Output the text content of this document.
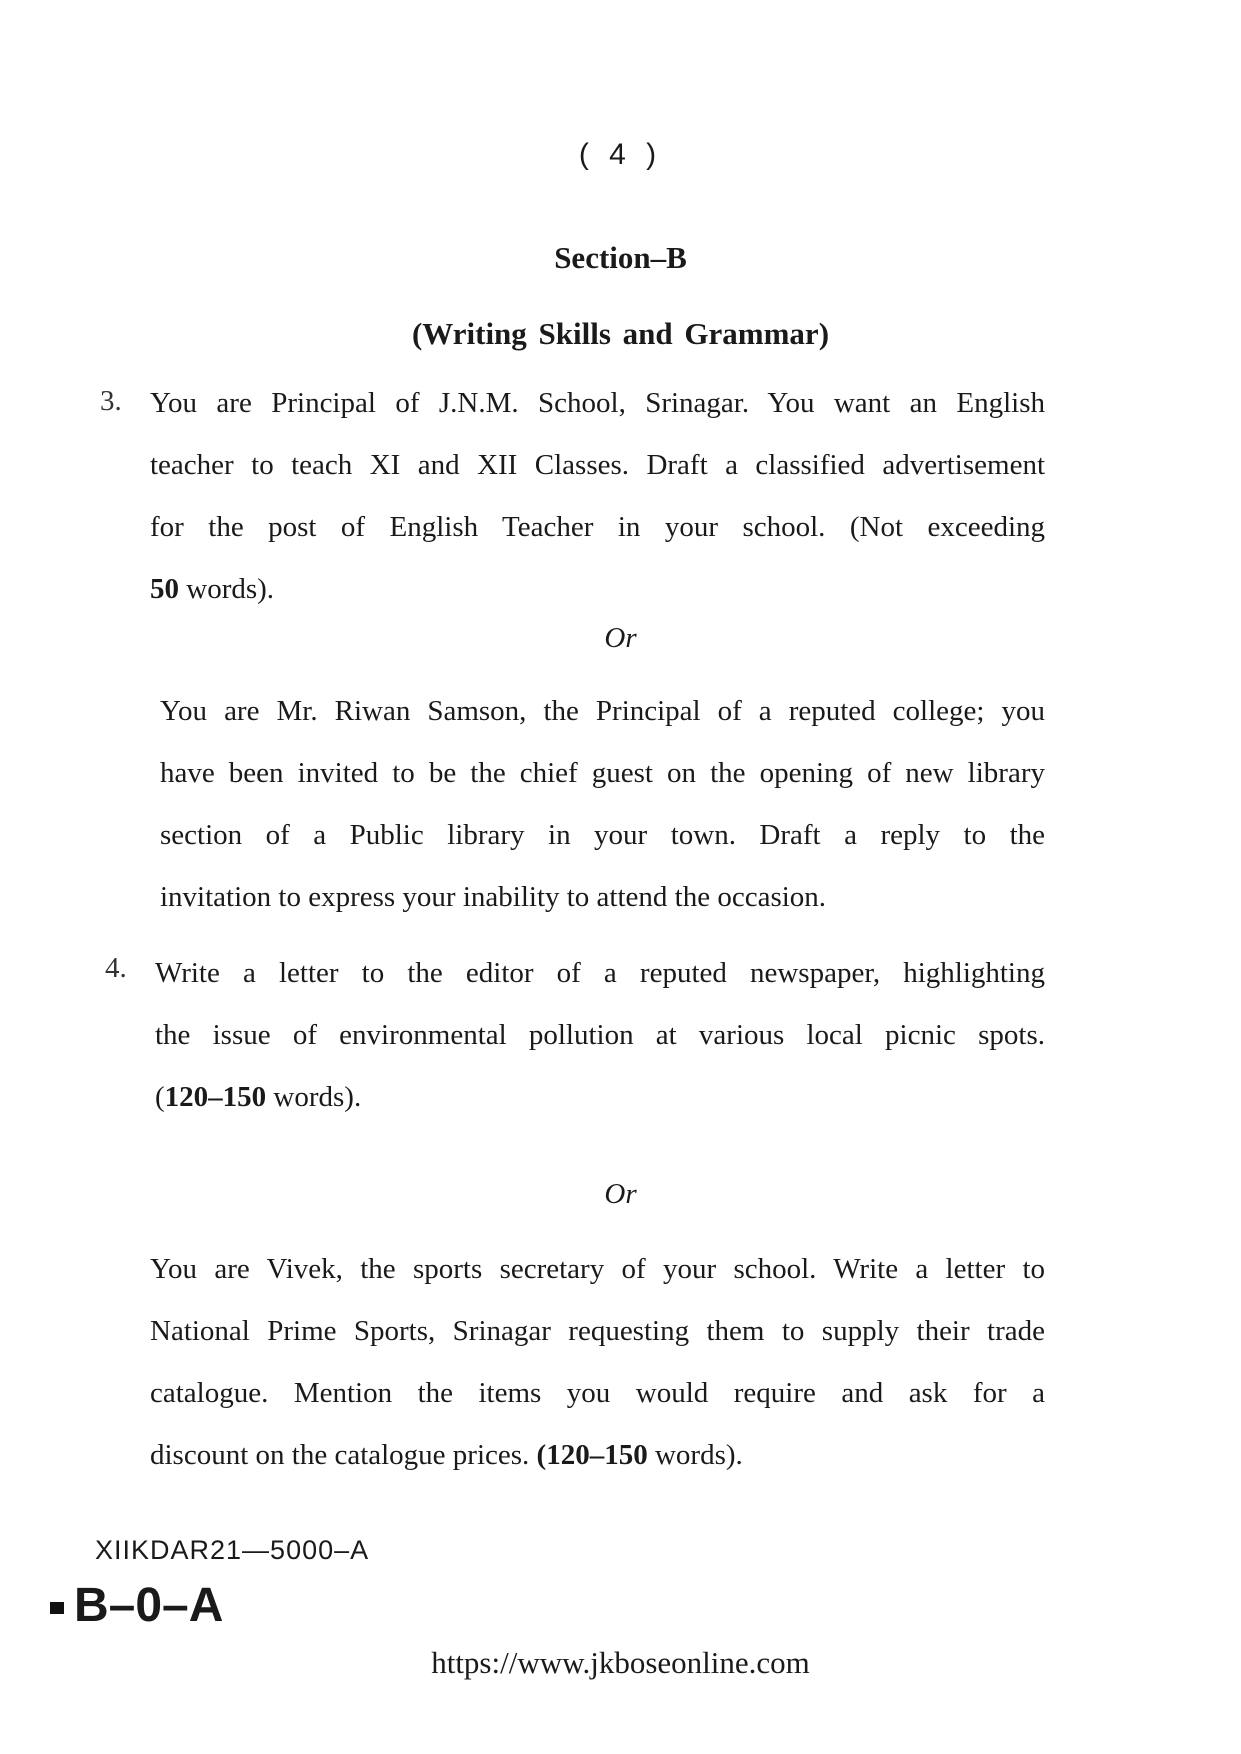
( 4 )
Section–B
(Writing Skills and Grammar)
3. You are Principal of J.N.M. School, Srinagar. You want an English
teacher to teach XI and XII Classes. Draft a classified advertisement
for the post of English Teacher in your school. (Not exceeding
50 words).
Or
You are Mr. Riwan Samson, the Principal of a reputed college; you
have been invited to be the chief guest on the opening of new library
section of a Public library in your town. Draft a reply to the
invitation to express your inability to attend the occasion.
4. Write a letter to the editor of a reputed newspaper, highlighting
the issue of environmental pollution at various local picnic spots.
(120–150 words).
Or
You are Vivek, the sports secretary of your school. Write a letter to
National Prime Sports, Srinagar requesting them to supply their trade
catalogue. Mention the items you would require and ask for a
discount on the catalogue prices. (120–150 words).
XIIKDAR21—5000–A
B–0–A
https://www.jkboseonline.com
